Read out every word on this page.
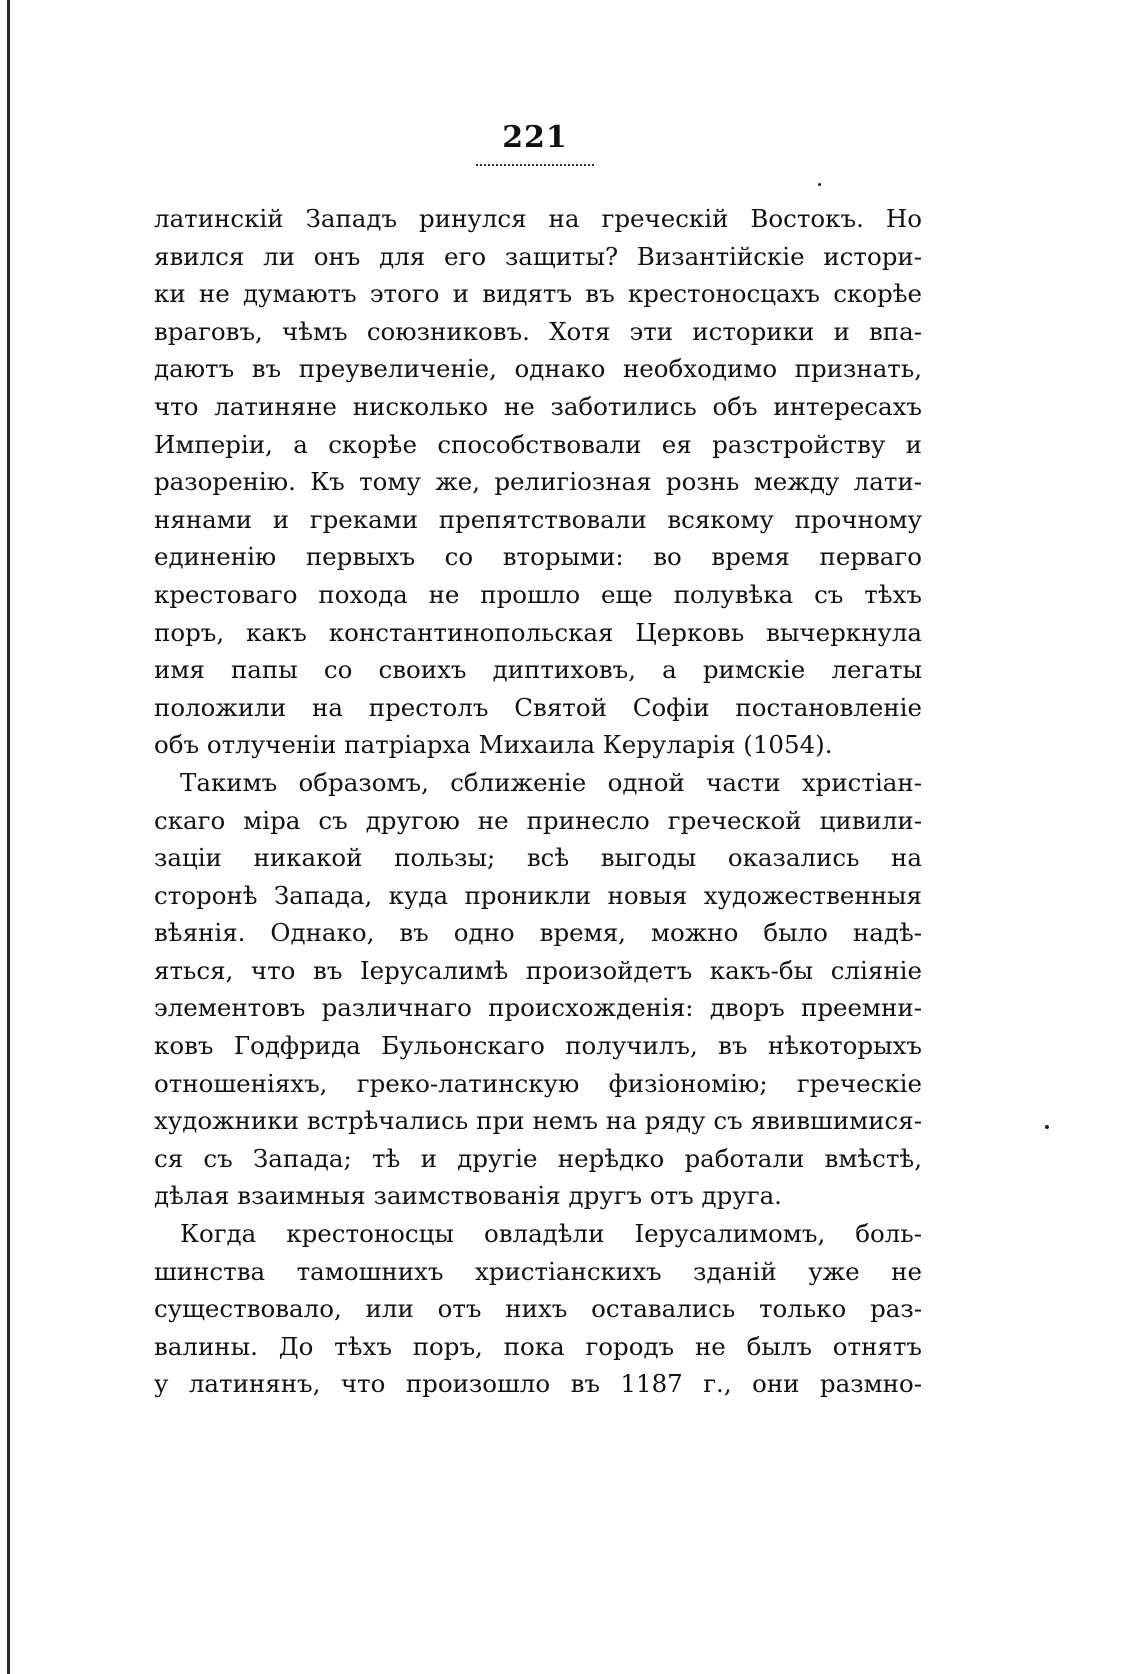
221
латинскій Западъ ринулся на греческій Востокъ. Но
явился ли онъ для его защиты? Византійскіе истори-
ки не думаютъ этого и видятъ въ крестоносцахъ скорѣе
враговъ, чѣмъ союзниковъ. Хотя эти историки и впа-
даютъ въ преувеличеніе, однако необходимо признать,
что латиняне нисколько не заботились объ интересахъ
Имперіи, а скорѣе способствовали ея разстройству и
разоренію. Къ тому же, религіозная рознь между лати-
нянами и греками препятствовали всякому прочному
единенію первыхъ со вторыми: во время перваго
крестоваго похода не прошло еще полувѣка съ тѣхъ
поръ, какъ константинопольская Церковь вычеркнула
имя папы со своихъ диптиховъ, а римскіе легаты
положили на престолъ Святой Софіи постановленіе
объ отлученіи патріарха Михаила Керуларія (1054).
Такимъ образомъ, сближеніе одной части христіан-
скаго міра съ другою не принесло греческой цивили-
заціи никакой пользы; всѣ выгоды оказались на
сторонѣ Запада, куда проникли новыя художественныя
вѣянія. Однако, въ одно время, можно было надѣ-
яться, что въ Іерусалимѣ произойдетъ какъ-бы сліяніе
элементовъ различнаго происхожденія: дворъ преемни-
ковъ Годфрида Бульонскаго получилъ, въ нѣкоторыхъ
отношеніяхъ, греко-латинскую физіономію; греческіе
художники встрѣчались при немъ на ряду съ явившимися-
ся съ Запада; тѣ и другіе нерѣдко работали вмѣстѣ,
дѣлая взаимныя заимствованія другъ отъ друга.
Когда крестоносцы овладѣли Іерусалимомъ, боль-
шинства тамошнихъ христіанскихъ зданій уже не
существовало, или отъ нихъ оставались только раз-
валины. До тѣхъ поръ, пока городъ не былъ отнятъ
у латинянъ, что произошло въ 1187 г., они размно-
